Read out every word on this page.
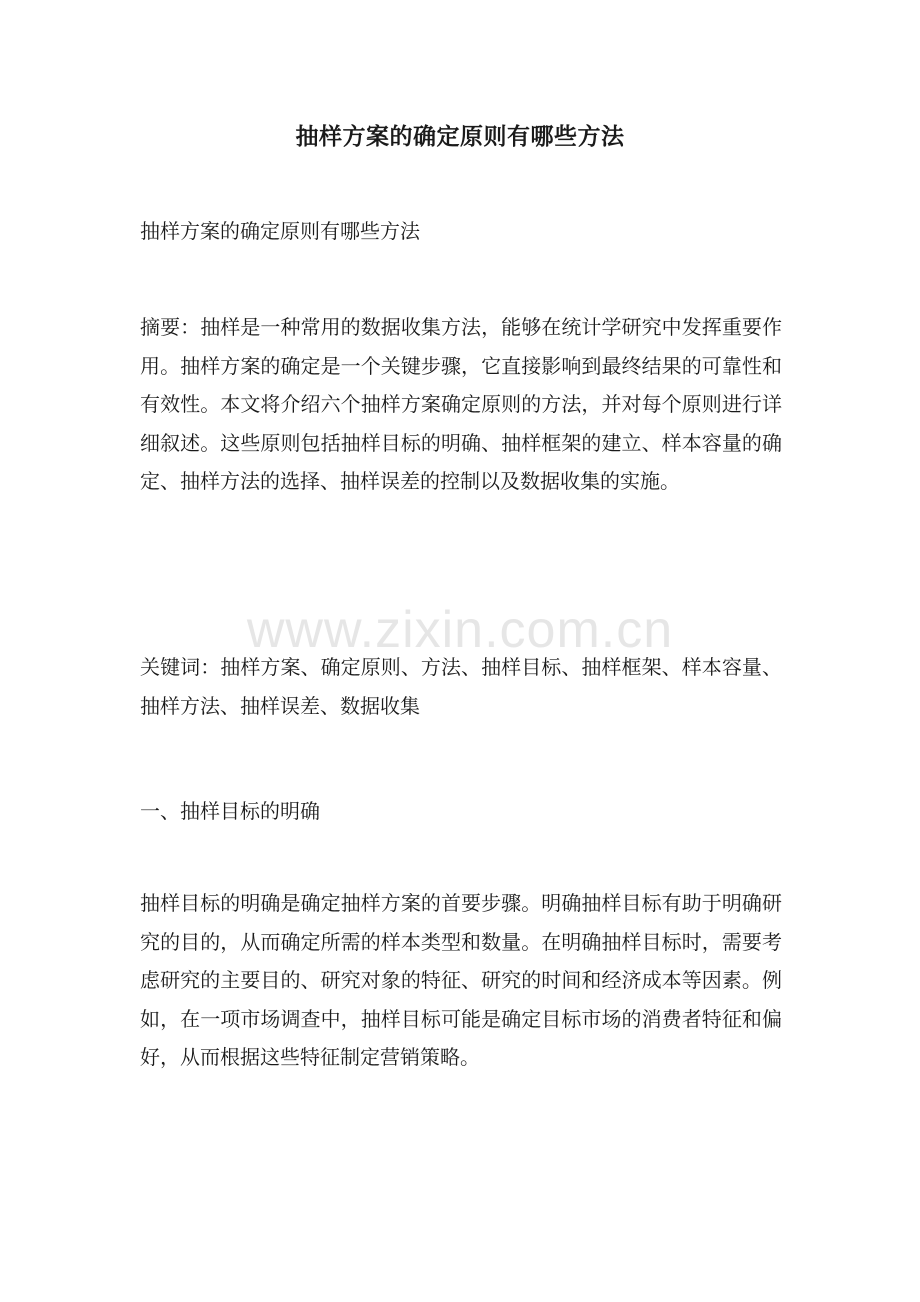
抽样方案的确定原则有哪些方法

抽样方案的确定原则有哪些方法

摘要：抽样是一种常用的数据收集方法，能够在统计学研究中发挥重要作用。抽样方案的确定是一个关键步骤，它直接影响到最终结果的可靠性和有效性。本文将介绍六个抽样方案确定原则的方法，并对每个原则进行详细叙述。这些原则包括抽样目标的明确、抽样框架的建立、样本容量的确定、抽样方法的选择、抽样误差的控制以及数据收集的实施。

www.zixin.com.cn

关键词：抽样方案、确定原则、方法、抽样目标、抽样框架、样本容量、抽样方法、抽样误差、数据收集

一、抽样目标的明确

抽样目标的明确是确定抽样方案的首要步骤。明确抽样目标有助于明确研究的目的，从而确定所需的样本类型和数量。在明确抽样目标时，需要考虑研究的主要目的、研究对象的特征、研究的时间和经济成本等因素。例如，在一项市场调查中，抽样目标可能是确定目标市场的消费者特征和偏好，从而根据这些特征制定营销策略。
